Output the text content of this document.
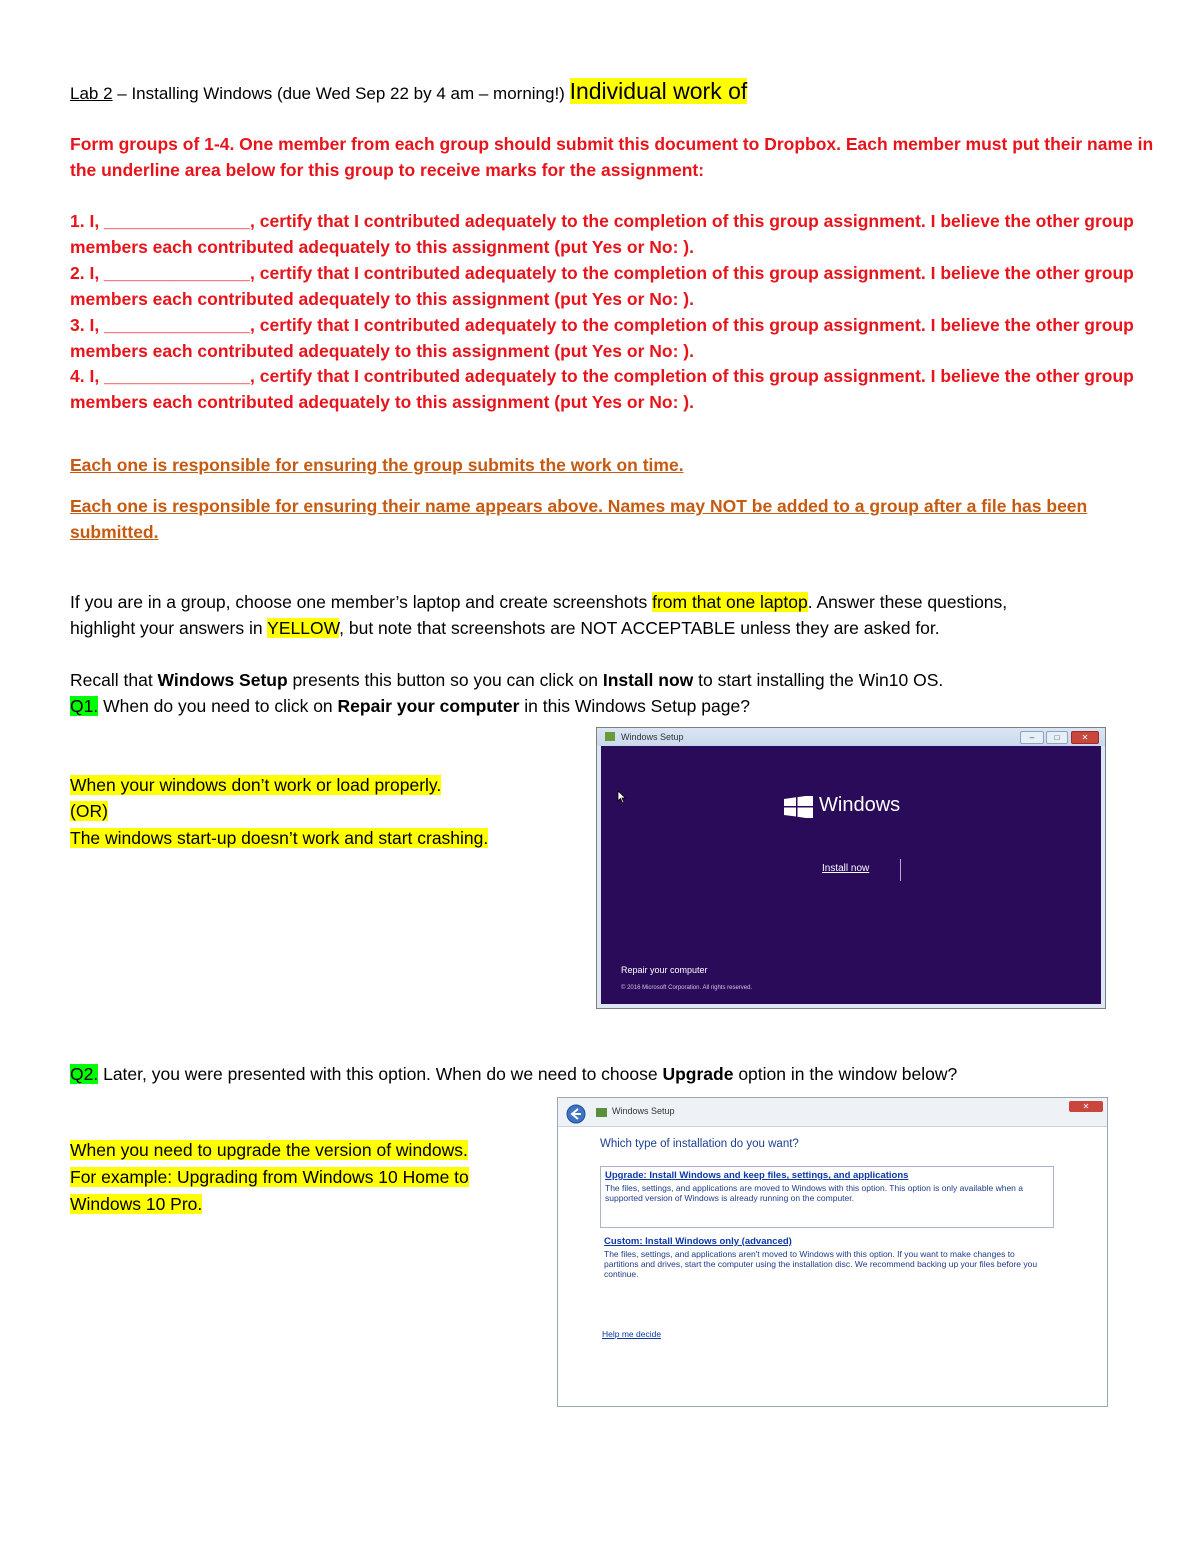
Lab 2 – Installing Windows (due Wed Sep 22 by 4 am – morning!) Individual work of
Form groups of 1-4. One member from each group should submit this document to Dropbox. Each member must put their name in
the underline area below for this group to receive marks for the assignment:
1. I, _______________, certify that I contributed adequately to the completion of this group assignment. I believe the other group
members each contributed adequately to this assignment (put Yes or No: ).
2. I, _______________, certify that I contributed adequately to the completion of this group assignment. I believe the other group
members each contributed adequately to this assignment (put Yes or No: ).
3. I, _______________, certify that I contributed adequately to the completion of this group assignment. I believe the other group
members each contributed adequately to this assignment (put Yes or No: ).
4. I, _______________, certify that I contributed adequately to the completion of this group assignment. I believe the other group
members each contributed adequately to this assignment (put Yes or No: ).
Each one is responsible for ensuring the group submits the work on time.
Each one is responsible for ensuring their name appears above. Names may NOT be added to a group after a file has been
submitted.
If you are in a group, choose one member’s laptop and create screenshots from that one laptop. Answer these questions,
highlight your answers in YELLOW, but note that screenshots are NOT ACCEPTABLE unless they are asked for.
Recall that Windows Setup presents this button so you can click on Install now to start installing the Win10 OS.
Q1. When do you need to click on Repair your computer in this Windows Setup page?
When your windows don’t work or load properly.
(OR)
The windows start-up doesn’t work and start crashing.
Windows Setup	–	□	✕
Windows
Install now
Repair your computer
© 2016 Microsoft Corporation. All rights reserved.
Q2. Later, you were presented with this option. When do we need to choose Upgrade option in the window below?
When you need to upgrade the version of windows.
For example: Upgrading from Windows 10 Home to
Windows 10 Pro.
Windows Setup	✕
Which type of installation do you want?
Upgrade: Install Windows and keep files, settings, and applications
The files, settings, and applications are moved to Windows with this option. This option is only available when a supported version of Windows is already running on the computer.
Custom: Install Windows only (advanced)
The files, settings, and applications aren't moved to Windows with this option. If you want to make changes to partitions and drives, start the computer using the installation disc. We recommend backing up your files before you continue.
Help me decide
